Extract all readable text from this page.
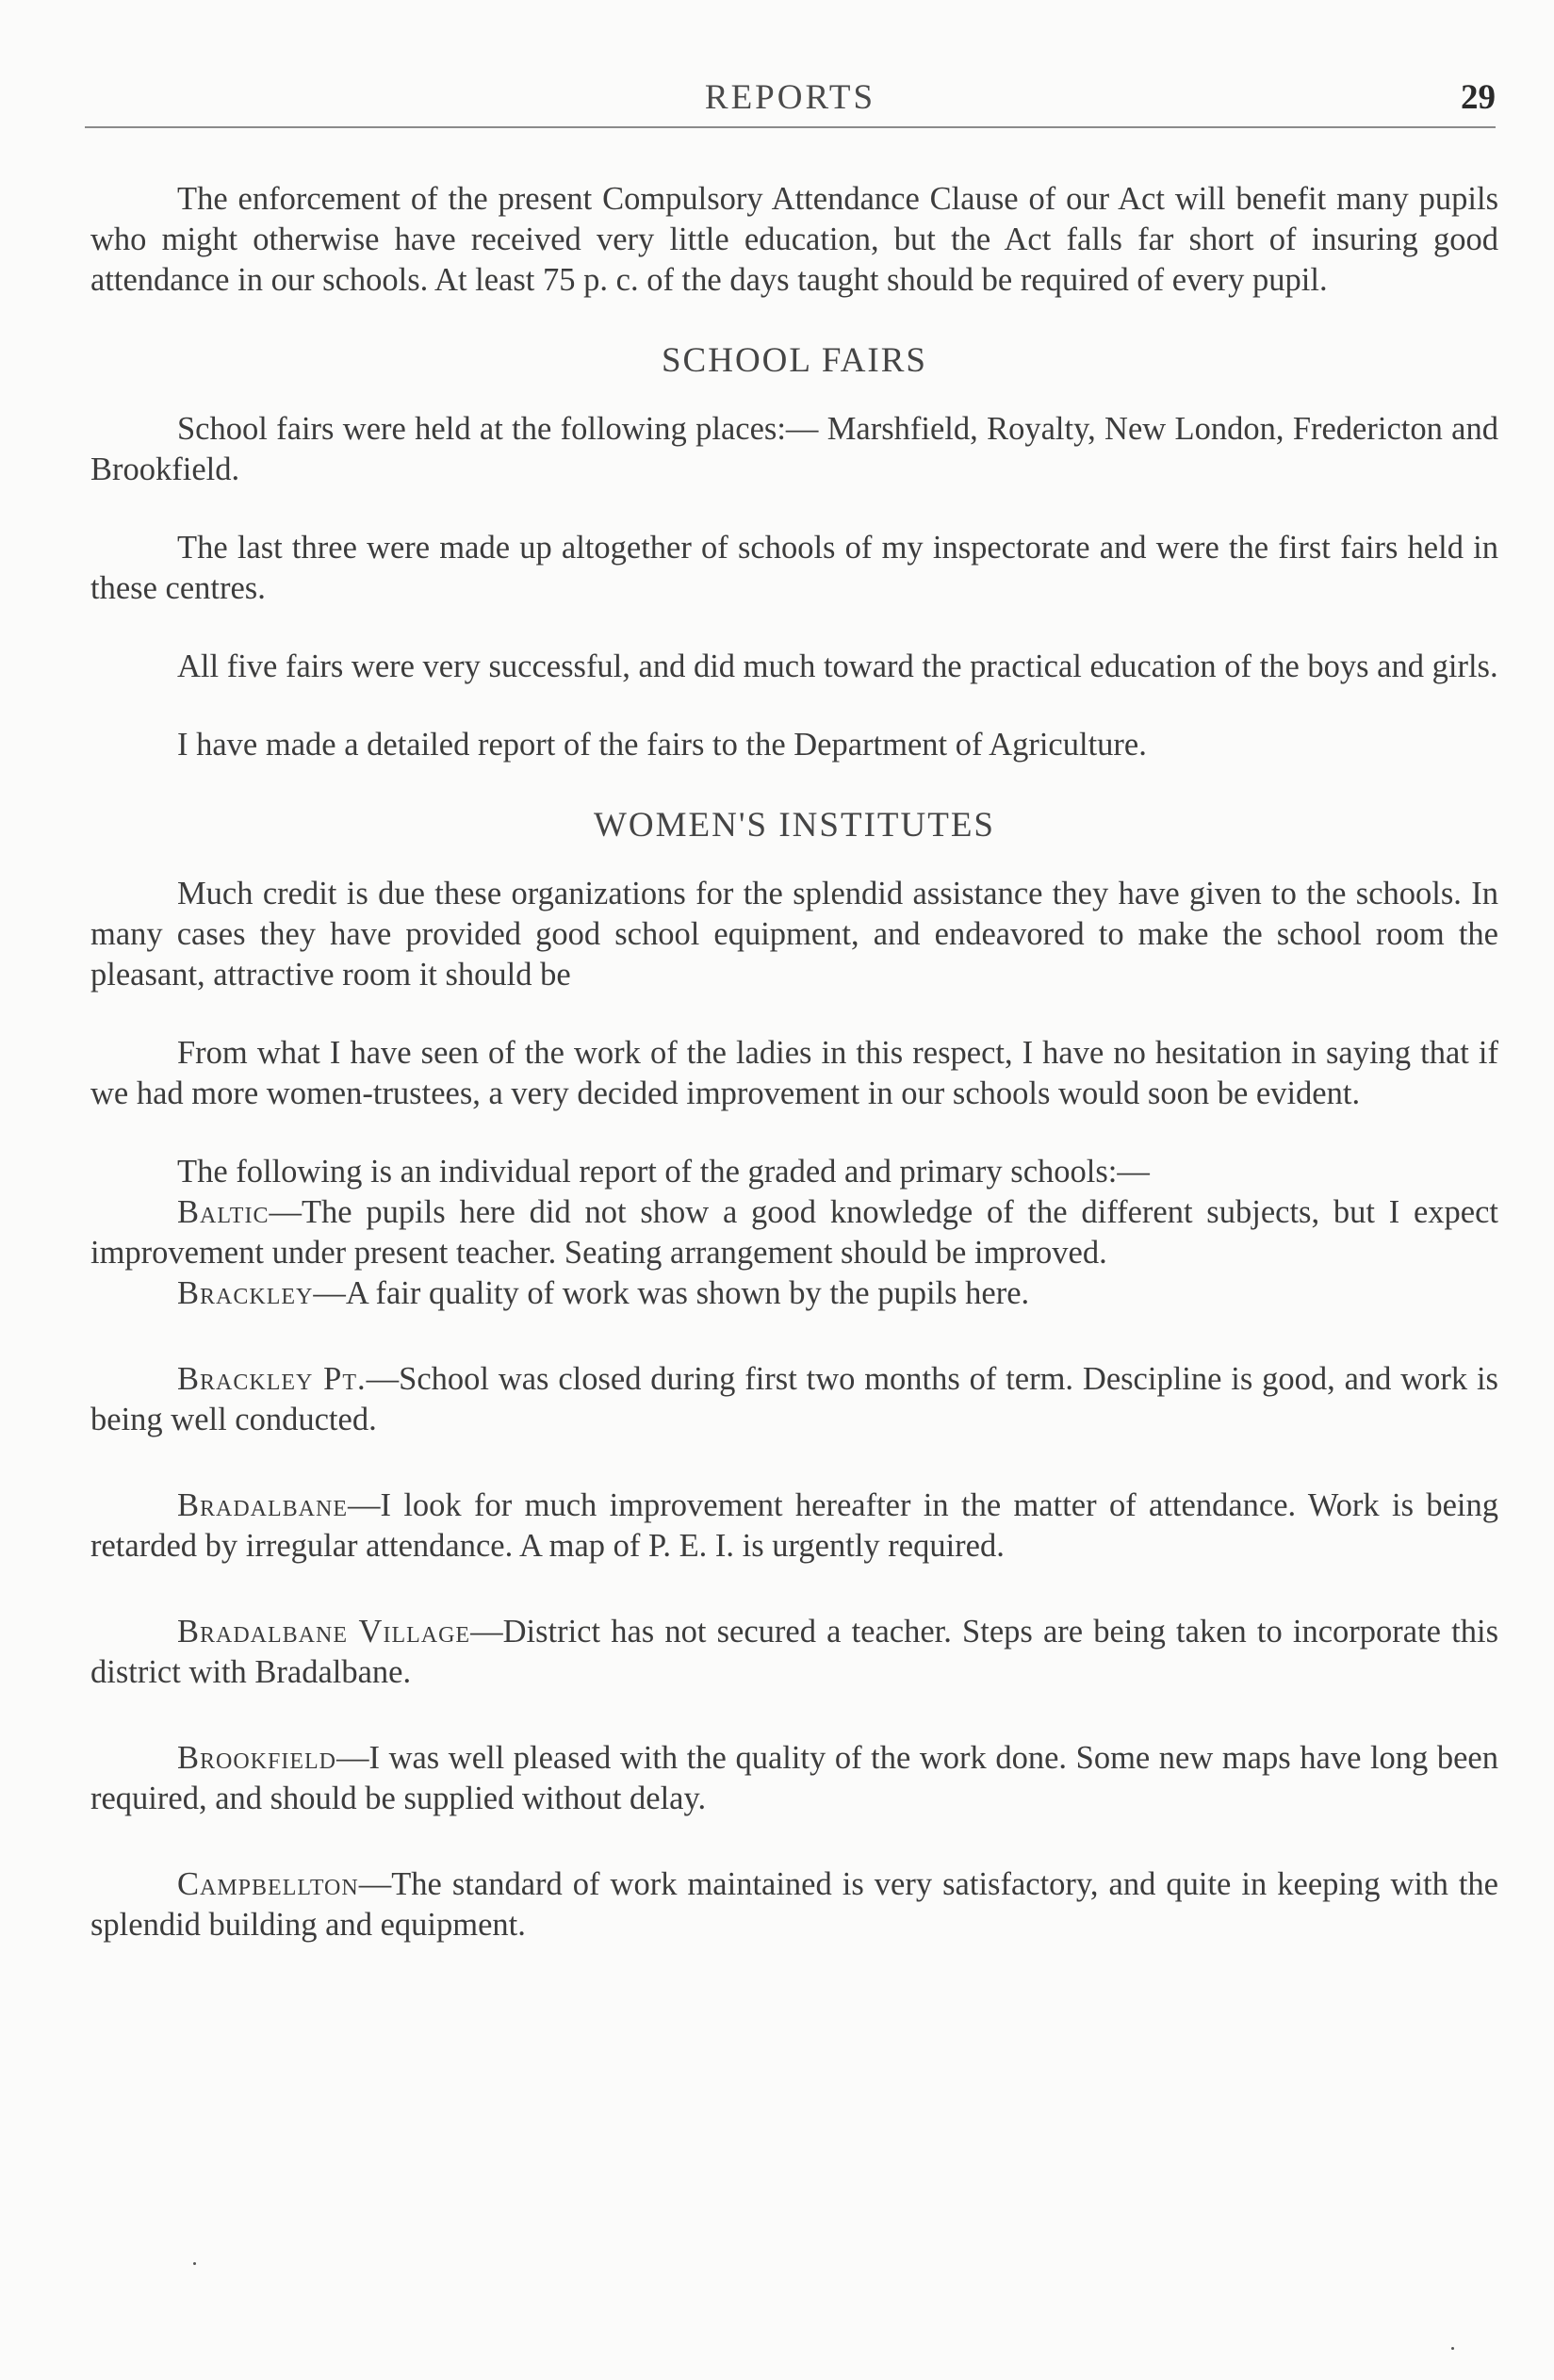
REPORTS	29

The enforcement of the present Compulsory Attendance Clause of our Act will benefit many pupils who might otherwise have received very little education, but the Act falls far short of insuring good attendance in our schools. At least 75 p. c. of the days taught should be required of every pupil.

SCHOOL FAIRS

School fairs were held at the following places:— Marshfield, Royalty, New London, Fredericton and Brookfield.

The last three were made up altogether of schools of my inspectorate and were the first fairs held in these centres.

All five fairs were very successful, and did much toward the practical education of the boys and girls.

I have made a detailed report of the fairs to the Department of Agriculture.

WOMEN'S INSTITUTES

Much credit is due these organizations for the splendid assistance they have given to the schools. In many cases they have provided good school equipment, and endeavored to make the school room the pleasant, attractive room it should be

From what I have seen of the work of the ladies in this respect, I have no hesitation in saying that if we had more women-trustees, a very decided improvement in our schools would soon be evident.

The following is an individual report of the graded and primary schools:—

Baltic—The pupils here did not show a good knowledge of the different subjects, but I expect improvement under present teacher. Seating arrangement should be improved.

Brackley—A fair quality of work was shown by the pupils here.

Brackley Pt.—School was closed during first two months of term. Descipline is good, and work is being well conducted.

Bradalbane—I look for much improvement hereafter in the matter of attendance. Work is being retarded by irregular attendance. A map of P. E. I. is urgently required.

Bradalbane Village—District has not secured a teacher. Steps are being taken to incorporate this district with Bradalbane.

Brookfield—I was well pleased with the quality of the work done. Some new maps have long been required, and should be supplied without delay.

Campbellton—The standard of work maintained is very satisfactory, and quite in keeping with the splendid building and equipment.
